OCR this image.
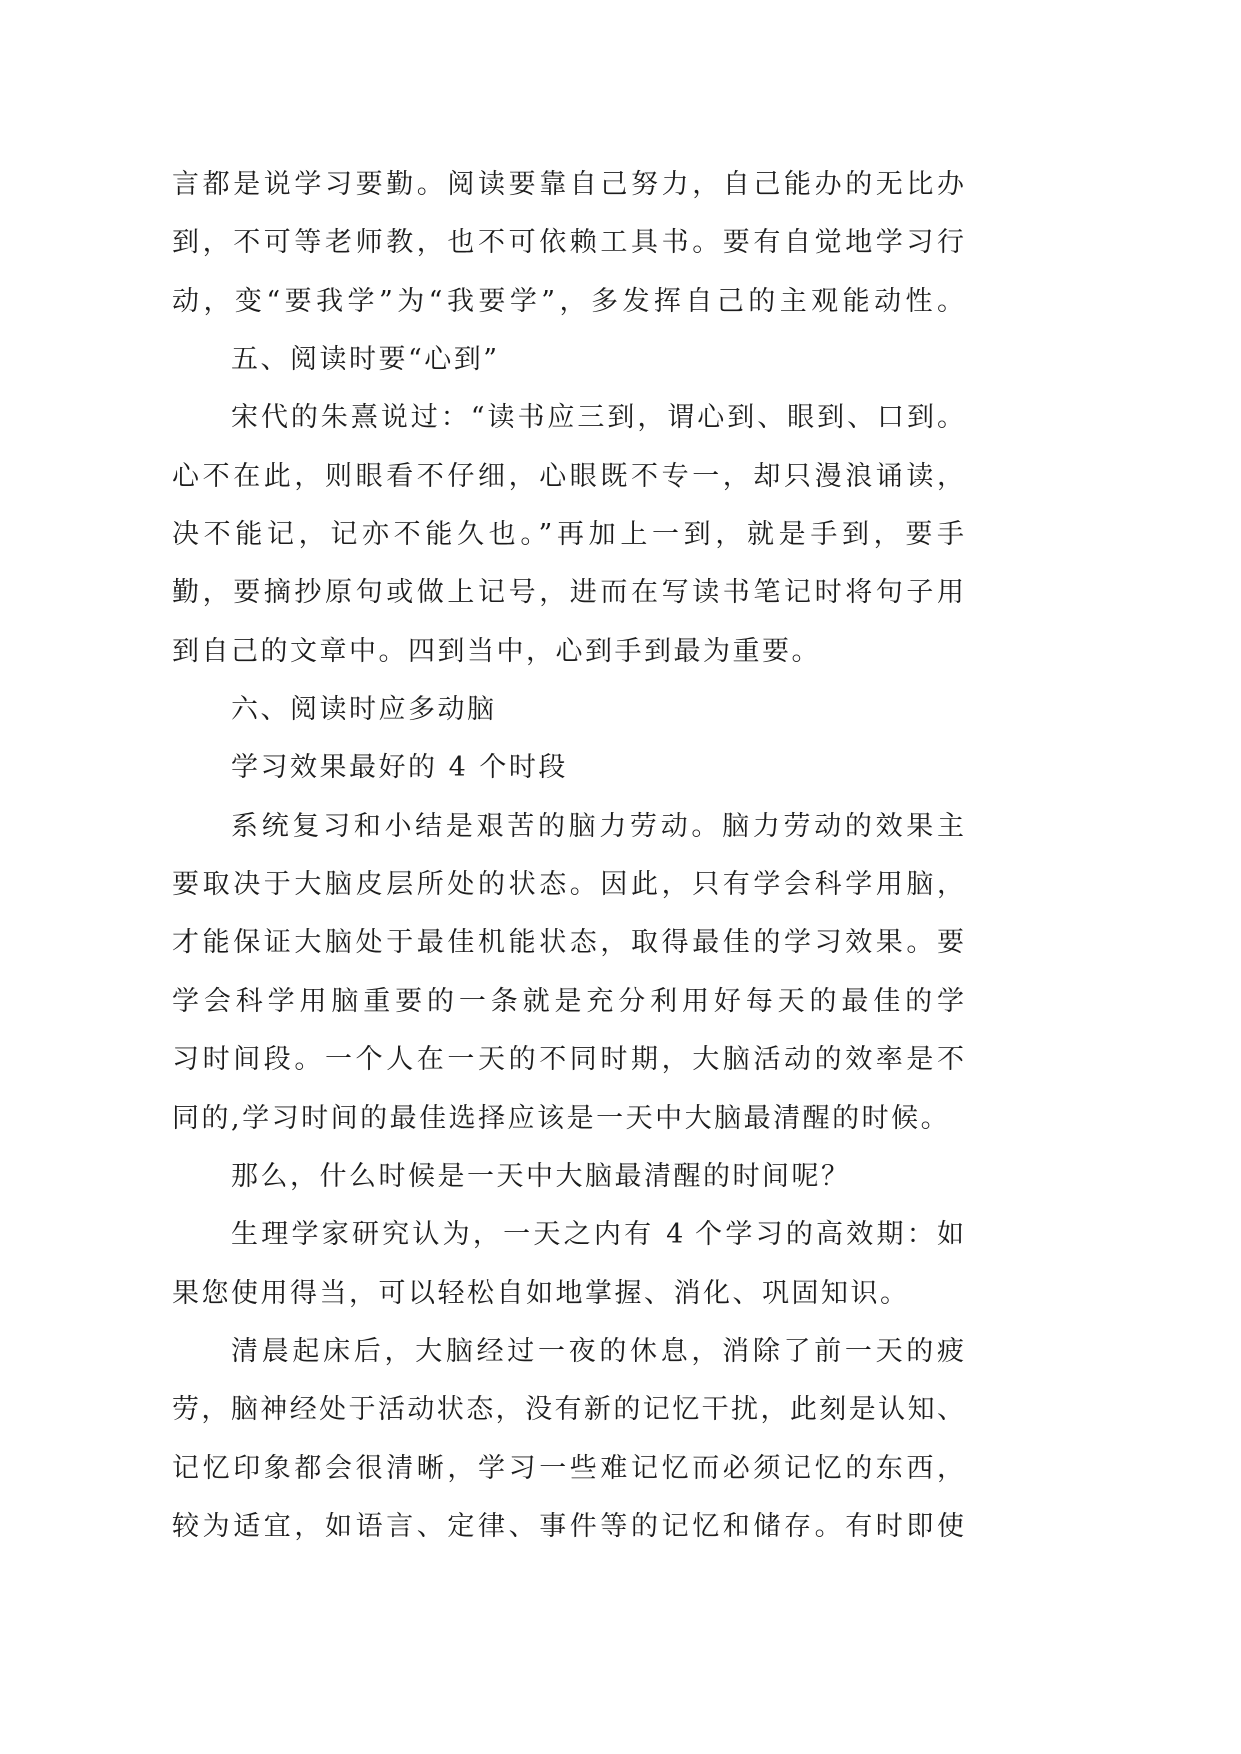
言都是说学习要勤。阅读要靠自己努力，自己能办的无比办
到，不可等老师教，也不可依赖工具书。要有自觉地学习行
动，变“要我学”为“我要学”，多发挥自己的主观能动性。
五、阅读时要“心到”
宋代的朱熹说过：“读书应三到，谓心到、眼到、口到。
心不在此，则眼看不仔细，心眼既不专一，却只漫浪诵读，
决不能记，记亦不能久也。”再加上一到，就是手到，要手
勤，要摘抄原句或做上记号，进而在写读书笔记时将句子用
到自己的文章中。四到当中，心到手到最为重要。
六、阅读时应多动脑
学习效果最好的 4 个时段
系统复习和小结是艰苦的脑力劳动。脑力劳动的效果主
要取决于大脑皮层所处的状态。因此，只有学会科学用脑，
才能保证大脑处于最佳机能状态，取得最佳的学习效果。要
学会科学用脑重要的一条就是充分利用好每天的最佳的学
习时间段。一个人在一天的不同时期，大脑活动的效率是不
同的,学习时间的最佳选择应该是一天中大脑最清醒的时候。
那么，什么时候是一天中大脑最清醒的时间呢？
生理学家研究认为，一天之内有 4 个学习的高效期：如
果您使用得当，可以轻松自如地掌握、消化、巩固知识。
清晨起床后，大脑经过一夜的休息，消除了前一天的疲
劳，脑神经处于活动状态，没有新的记忆干扰，此刻是认知、
记忆印象都会很清晰，学习一些难记忆而必须记忆的东西，
较为适宜，如语言、定律、事件等的记忆和储存。有时即使
